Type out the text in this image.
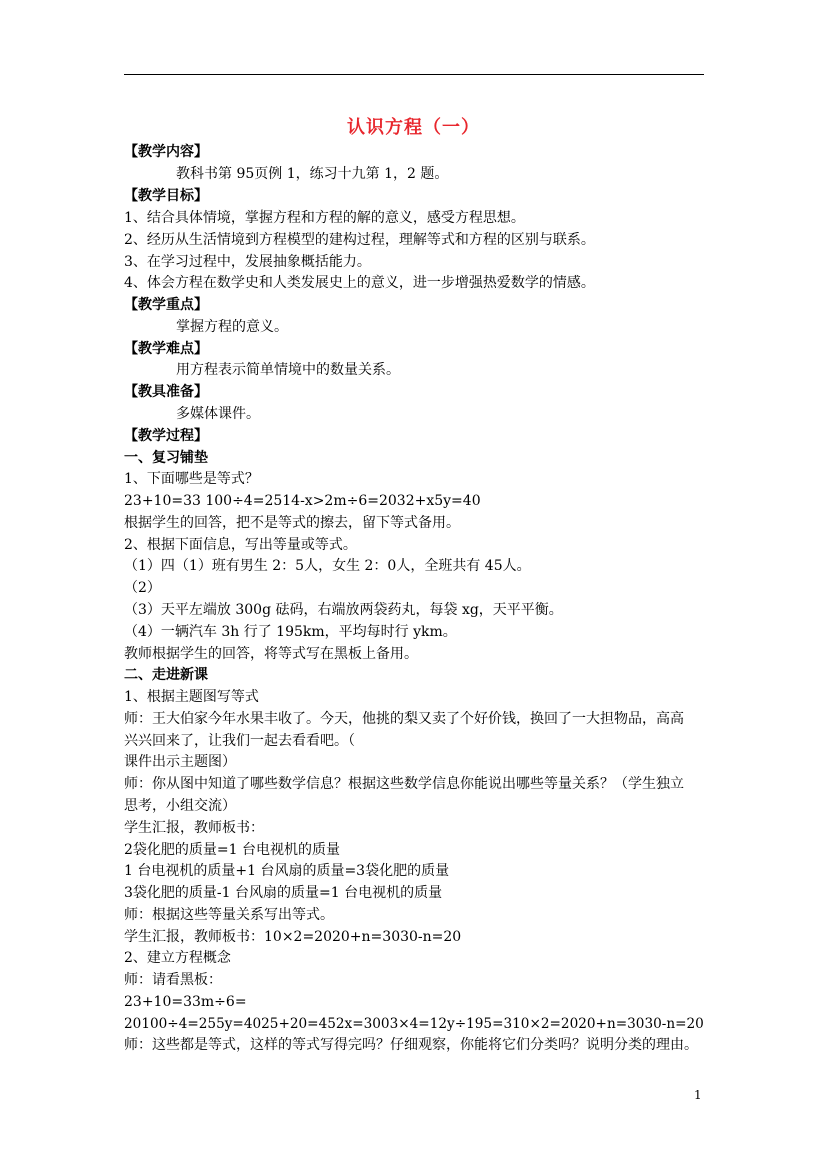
认识方程（一）
【教学内容】
教科书第 95页例 1，练习十九第 1，2 题。
【教学目标】
1、结合具体情境，掌握方程和方程的解的意义，感受方程思想。
2、经历从生活情境到方程模型的建构过程，理解等式和方程的区别与联系。
3、在学习过程中，发展抽象概括能力。
4、体会方程在数学史和人类发展史上的意义，进一步增强热爱数学的情感。
【教学重点】
掌握方程的意义。
【教学难点】
用方程表示简单情境中的数量关系。
【教具准备】
多媒体课件。
【教学过程】
一、复习铺垫
1、下面哪些是等式？
23+10=33 100÷4=2514-x>2m÷6=2032+x5y=40
根据学生的回答，把不是等式的擦去，留下等式备用。
2、根据下面信息，写出等量或等式。
（1）四（1）班有男生 2：5人，女生 2：0人，全班共有 45人。
（2）
（3）天平左端放 300g 砝码，右端放两袋药丸，每袋 xg，天平平衡。
（4）一辆汽车 3h 行了 195km，平均每时行 ykm。
教师根据学生的回答，将等式写在黑板上备用。
二、走进新课
1、根据主题图写等式
师：王大伯家今年水果丰收了。今天，他挑的梨又卖了个好价钱，换回了一大担物品，高高
兴兴回来了，让我们一起去看看吧。（
课件出示主题图）
师：你从图中知道了哪些数学信息？根据这些数学信息你能说出哪些等量关系？（学生独立
思考，小组交流）
学生汇报，教师板书：
2袋化肥的质量=1 台电视机的质量
1 台电视机的质量+1 台风扇的质量=3袋化肥的质量
3袋化肥的质量-1 台风扇的质量=1 台电视机的质量
师：根据这些等量关系写出等式。
学生汇报，教师板书：10×2=2020+n=3030-n=20
2、建立方程概念
师：请看黑板：
23+10=33m÷6=
20100÷4=255y=4025+20=452x=3003×4=12y÷195=310×2=2020+n=3030-n=20
师：这些都是等式，这样的等式写得完吗？仔细观察，你能将它们分类吗？说明分类的理由。
1
